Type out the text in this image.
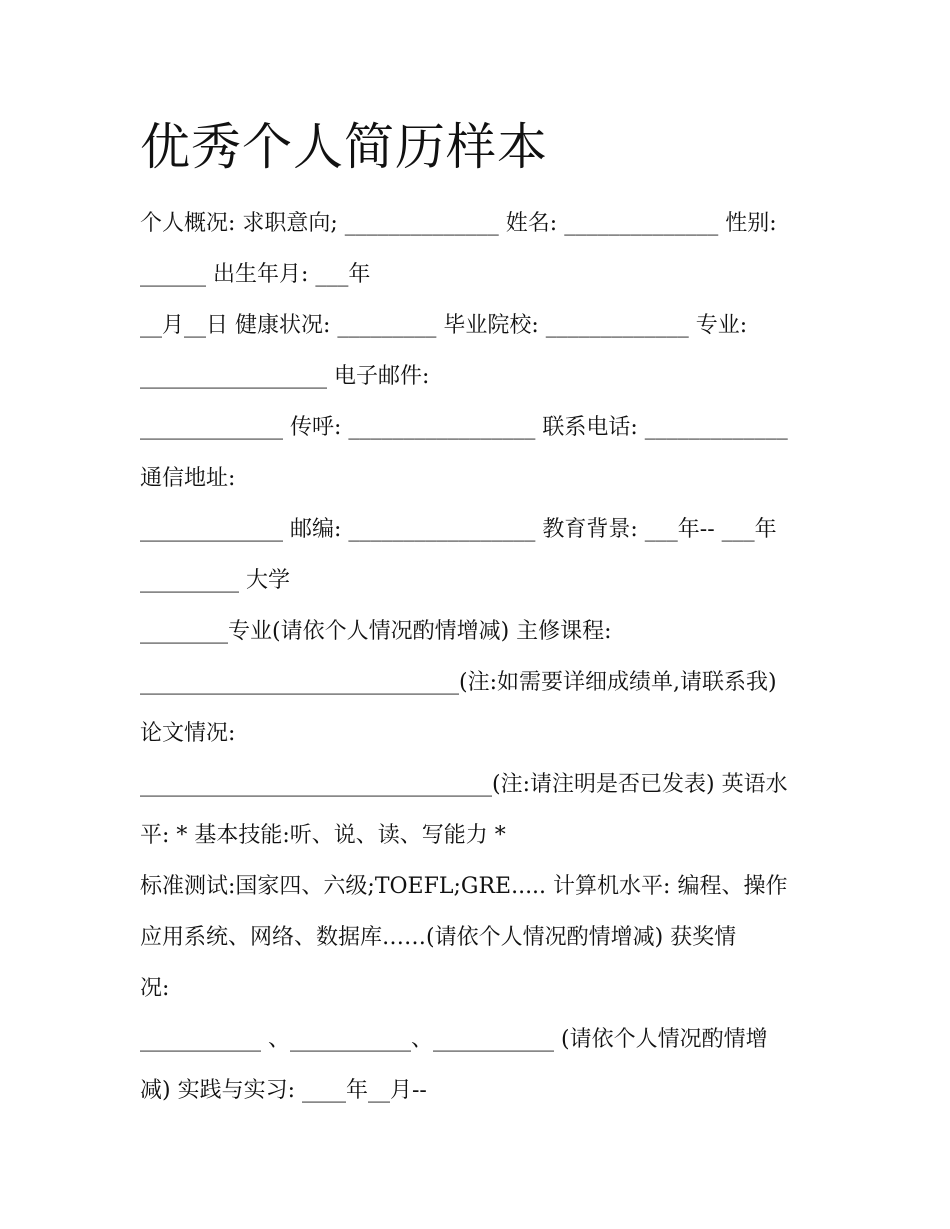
优秀个人简历样本
个人概况: 求职意向; ______________ 姓名: ______________ 性别:
______ 出生年月: ___年
__月__日 健康状况: _________ 毕业院校: _____________ 专业:
_________________ 电子邮件:
_____________ 传呼: _________________ 联系电话: _____________
通信地址:
_____________ 邮编: _________________ 教育背景: ___年-- ___年
_________ 大学
________专业(请依个人情况酌情增减) 主修课程:
_____________________________(注:如需要详细成绩单,请联系我)
论文情况:
________________________________(注:请注明是否已发表) 英语水
平: * 基本技能:听、说、读、写能力 *
标准测试:国家四、六级;TOEFL;GRE..... 计算机水平: 编程、操作
应用系统、网络、数据库……(请依个人情况酌情增减) 获奖情
况:
___________ 、___________、___________ (请依个人情况酌情增
减) 实践与实习: ____年__月--
